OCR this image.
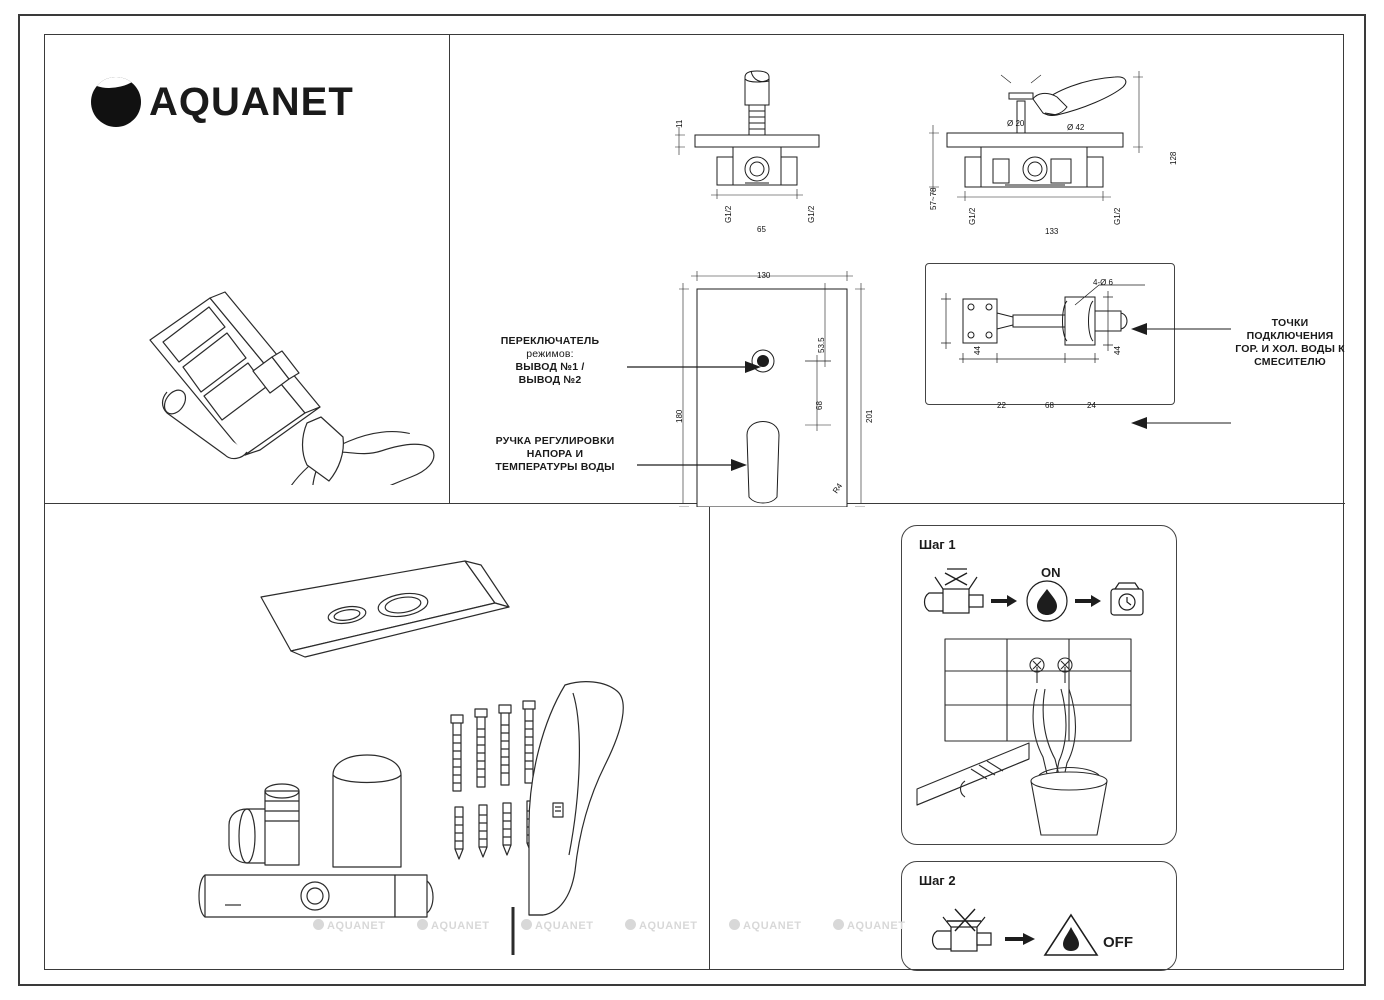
AQUANET
11
65
G1/2	G1/2
Ø 20	Ø 42
128
57~78
133
G1/2	G1/2
130
201
180
53.5
68
R4
ПЕРЕКЛЮЧАТЕЛЬ
режимов:
ВЫВОД №1 /
ВЫВОД №2
РУЧКА РЕГУЛИРОВКИ
НАПОРА И
ТЕМПЕРАТУРЫ ВОДЫ
4-Ø 6
22	68	24
44	44
ТОЧКИ
ПОДКЛЮЧЕНИЯ
ГОР. И ХОЛ. ВОДЫ К
СМЕСИТЕЛЮ
Шаг 1
ON
Шаг 2
OFF
AQUANET	AQUANET	AQUANET	AQUANET	AQUANET	AQUANET
